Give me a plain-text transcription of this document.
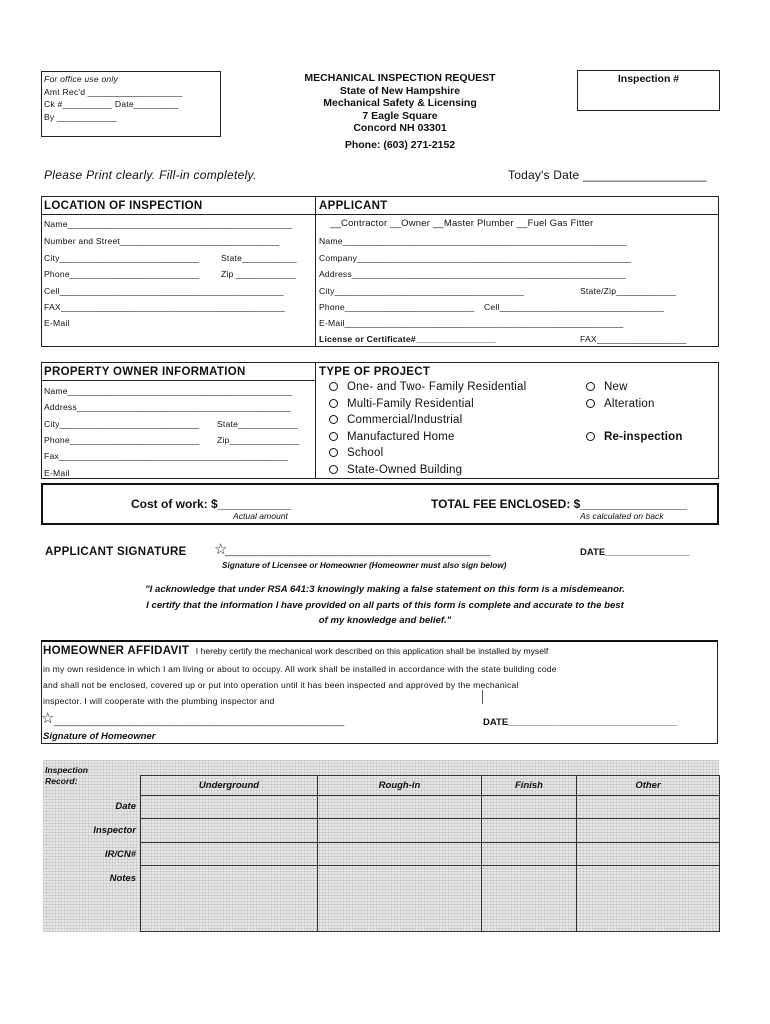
For office use only
Amt Rec'd ___________________
Ck #__________ Date_________
By ____________
MECHANICAL INSPECTION REQUEST
State of New Hampshire
Mechanical Safety & Licensing
7 Eagle Square
Concord NH 03301
Phone: (603) 271-2152
Inspection #
Please Print clearly. Fill-in completely.	Today's Date __________________
LOCATION OF INSPECTION
Name_____________________________________________
Number and Street________________________________
City____________________________	State___________
Phone__________________________	Zip ____________
Cell_____________________________________________
FAX_____________________________________________
E-Mail
APPLICANT
__Contractor __Owner __Master Plumber __Fuel Gas Fitter
Name_________________________________________________________
Company_______________________________________________________
Address_______________________________________________________
City______________________________________	State/Zip____________
Phone__________________________ Cell_________________________________
E-Mail________________________________________________________
License or Certificate#________________	FAX__________________
PROPERTY OWNER INFORMATION
Name_____________________________________________
Address___________________________________________
City____________________________ State____________
Phone__________________________ Zip______________
Fax______________________________________________
E-Mail
TYPE OF PROJECT
One- and Two- Family Residential
Multi-Family Residential
Commercial/Industrial
Manufactured Home
School
State-Owned Building
New
Alteration
Re-inspection
Cost of work: $___________
Actual amount
TOTAL FEE ENCLOSED: $________________
As calculated on back
APPLICANT SIGNATURE ☆
_____________________________________________________	DATE________________
Signature of Licensee or Homeowner (Homeowner must also sign below)
"I acknowledge that under RSA 641:3 knowingly making a false statement on this form is a misdemeanor.
I certify that the information I have provided on all parts of this form is complete and accurate to the best
of my knowledge and belief."
HOMEOWNER AFFIDAVIT I hereby certify the mechanical work described on this application shall be installed by myself
in my own residence in which I am living or about to occupy. All work shall be installed in accordance with the state building code
and shall not be enclosed, covered up or put into operation until it has been inspected and approved by the mechanical
inspector. I will cooperate with the plumbing inspector and
☆ __________________________________________________________	DATE________________________________
Signature of Homeowner
Inspection
Record:	Underground	Rough-in	Finish	Other

Date
Inspector
IR/CN#
Notes
